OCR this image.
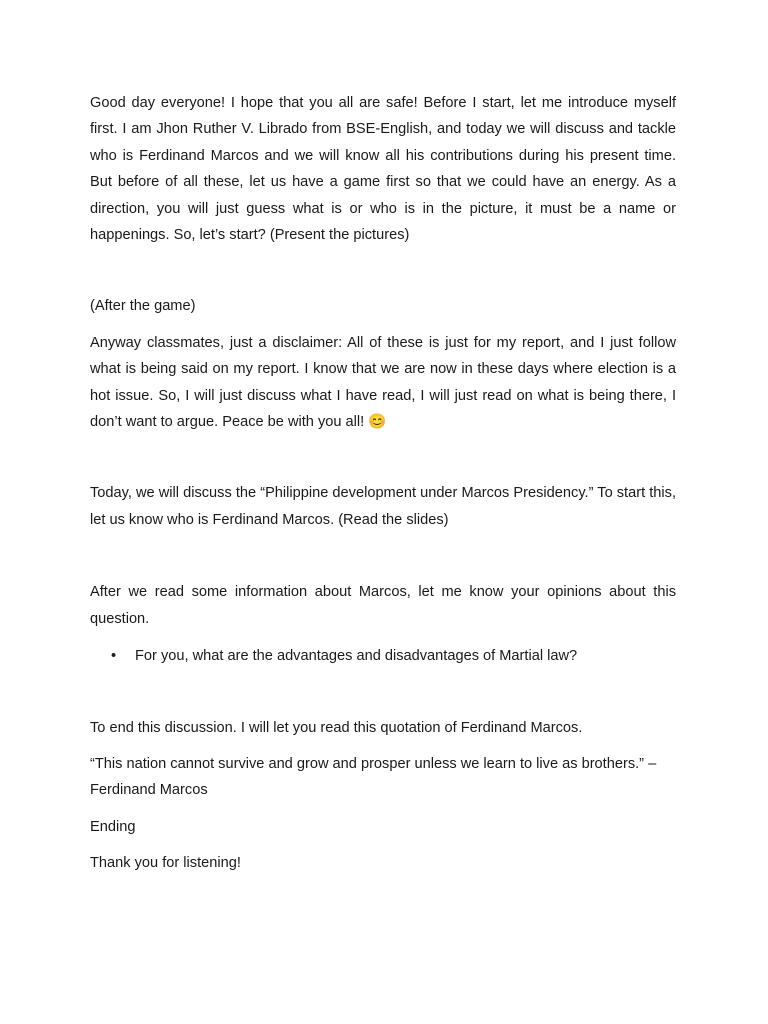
Good day everyone! I hope that you all are safe! Before I start, let me introduce myself first. I am Jhon Ruther V. Librado from BSE-English, and today we will discuss and tackle who is Ferdinand Marcos and we will know all his contributions during his present time. But before of all these, let us have a game first so that we could have an energy. As a direction, you will just guess what is or who is in the picture, it must be a name or happenings. So, let’s start? (Present the pictures)

(After the game)

Anyway classmates, just a disclaimer: All of these is just for my report, and I just follow what is being said on my report. I know that we are now in these days where election is a hot issue. So, I will just discuss what I have read, I will just read on what is being there, I don’t want to argue. Peace be with you all! 😊

Today, we will discuss the “Philippine development under Marcos Presidency.” To start this, let us know who is Ferdinand Marcos. (Read the slides)

After we read some information about Marcos, let me know your opinions about this question.

• For you, what are the advantages and disadvantages of Martial law?

To end this discussion. I will let you read this quotation of Ferdinand Marcos.

“This nation cannot survive and grow and prosper unless we learn to live as brothers.” – Ferdinand Marcos

Ending

Thank you for listening!
